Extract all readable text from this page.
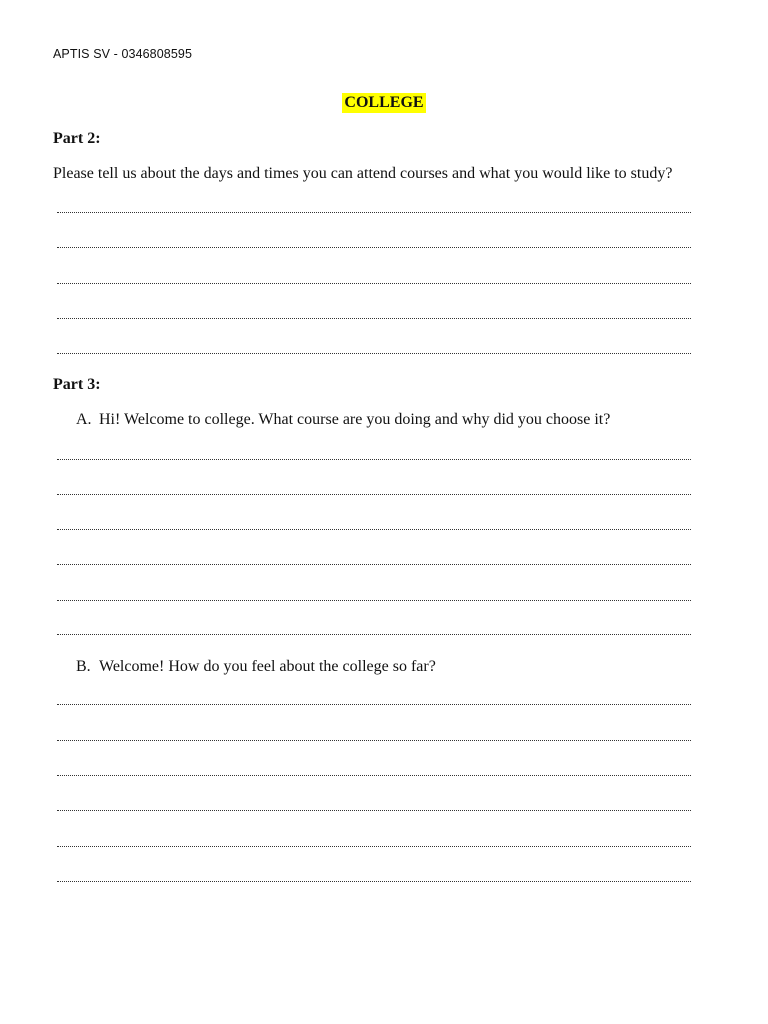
APTIS SV - 0346808595
COLLEGE
Part 2:
Please tell us about the days and times you can attend courses and what you would like to study?
Part 3:
A. Hi! Welcome to college. What course are you doing and why did you choose it?
B. Welcome! How do you feel about the college so far?
